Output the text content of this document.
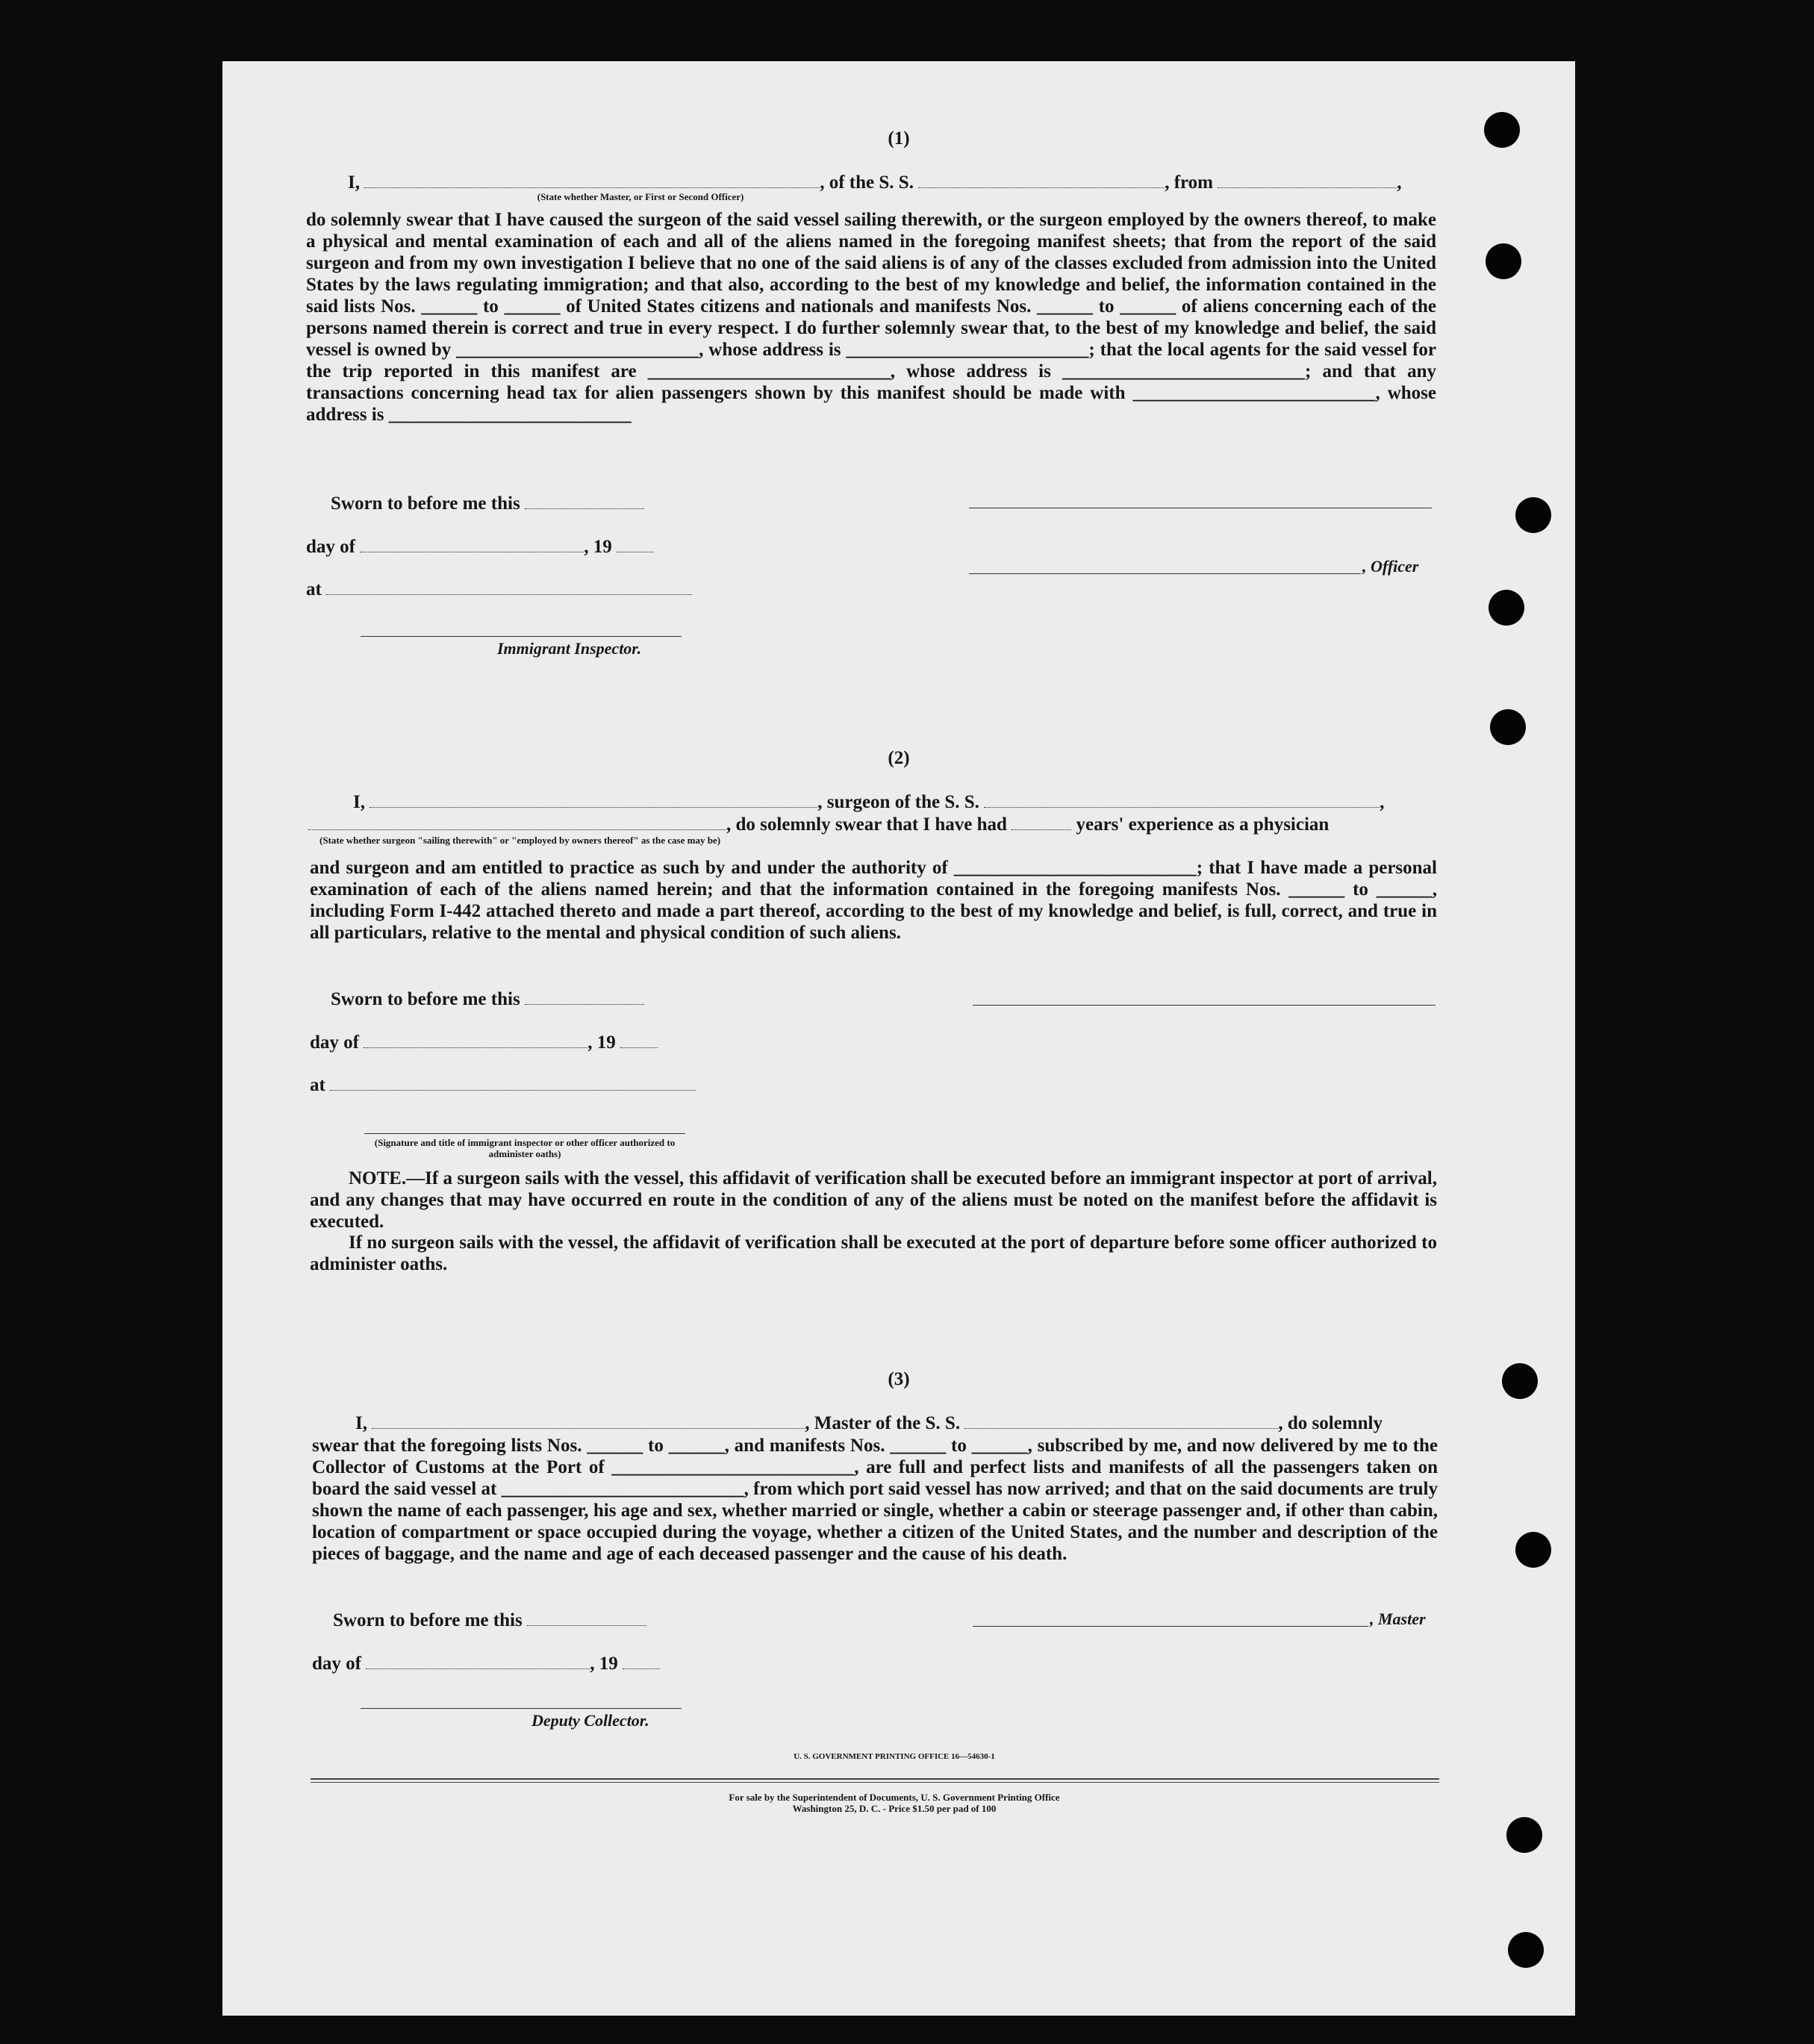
(1)
I,	, of the S. S.	, from	,
(State whether Master, or First or Second Officer)

do solemnly swear that I have caused the surgeon of the said vessel sailing therewith, or the surgeon employed by the owners thereof, to make a physical and mental examination of each and all of the aliens named in the foregoing manifest sheets; that from the report of the said surgeon and from my own investigation I believe that no one of the said aliens is of any of the classes excluded from admission into the United States by the laws regulating immigration; and that also, according to the best of my knowledge and belief, the information contained in the said lists Nos. ______ to ______ of United States citizens and nationals and manifests Nos. ______ to ______ of aliens concerning each of the persons named therein is correct and true in every respect. I do further solemnly swear that, to the best of my knowledge and belief, the said vessel is owned by __________________________, whose address is __________________________; that the local agents for the said vessel for the trip reported in this manifest are __________________________, whose address is __________________________; and that any transactions concerning head tax for alien passengers shown by this manifest should be made with __________________________, whose address is __________________________

Sworn to before me this
day of	, 19
at
Immigrant Inspector.
, Officer
(2)
I,	, surgeon of the S. S.	,
, do solemnly swear that I have had	years' experience as a physician
(State whether surgeon "sailing therewith" or "employed by owners thereof" as the case may be)

and surgeon and am entitled to practice as such by and under the authority of __________________________; that I have made a personal examination of each of the aliens named herein; and that the information contained in the foregoing manifests Nos. ______ to ______, including Form I-442 attached thereto and made a part thereof, according to the best of my knowledge and belief, is full, correct, and true in all particulars, relative to the mental and physical condition of such aliens.

Sworn to before me this
day of	, 19
at
(Signature and title of immigrant inspector or other officer authorized to administer oaths)

NOTE.—If a surgeon sails with the vessel, this affidavit of verification shall be executed before an immigrant inspector at port of arrival, and any changes that may have occurred en route in the condition of any of the aliens must be noted on the manifest before the affidavit is executed.

If no surgeon sails with the vessel, the affidavit of verification shall be executed at the port of departure before some officer authorized to administer oaths.

(3)
I,	, Master of the S. S.	, do solemnly

swear that the foregoing lists Nos. ______ to ______, and manifests Nos. ______ to ______, subscribed by me, and now delivered by me to the Collector of Customs at the Port of __________________________, are full and perfect lists and manifests of all the passengers taken on board the said vessel at __________________________, from which port said vessel has now arrived; and that on the said documents are truly shown the name of each passenger, his age and sex, whether married or single, whether a cabin or steerage passenger and, if other than cabin, location of compartment or space occupied during the voyage, whether a citizen of the United States, and the number and description of the pieces of baggage, and the name and age of each deceased passenger and the cause of his death.

Sworn to before me this
day of	, 19
Deputy Collector.
, Master
U. S. GOVERNMENT PRINTING OFFICE 16—54630-1
For sale by the Superintendent of Documents, U. S. Government Printing Office
Washington 25, D. C. - Price $1.50 per pad of 100
